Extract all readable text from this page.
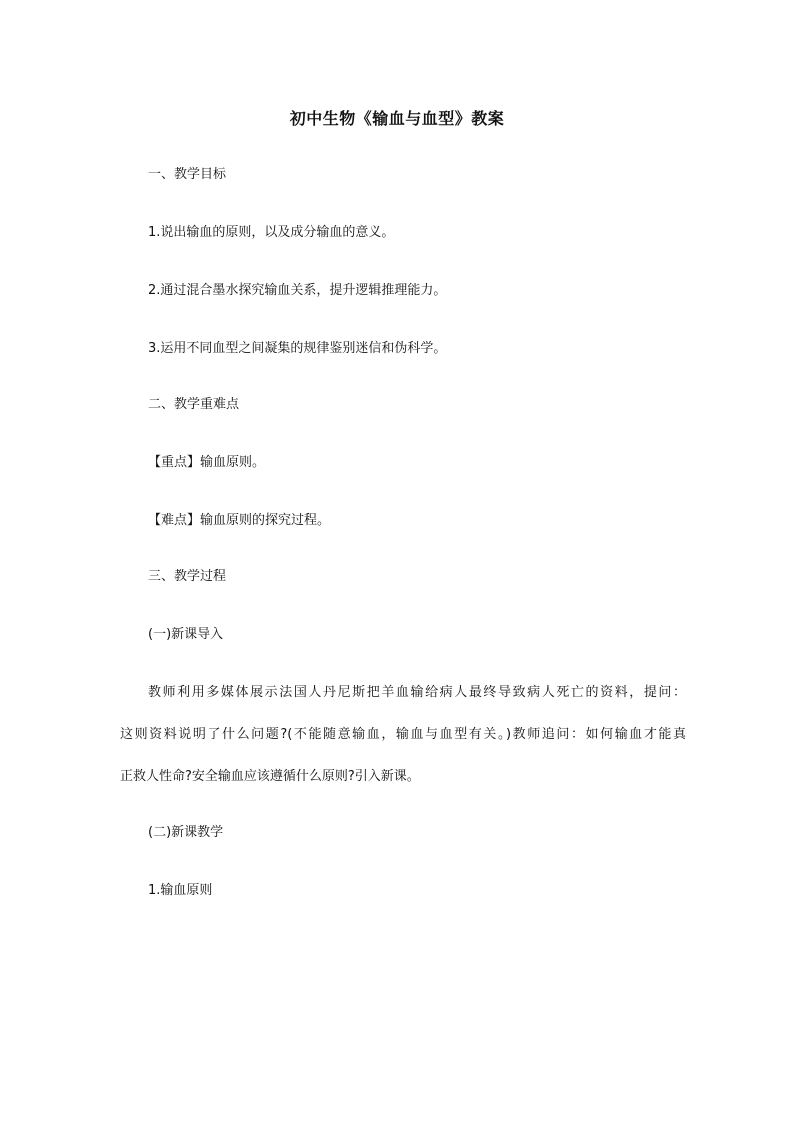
初中生物《输血与血型》教案
一、教学目标
1.说出输血的原则，以及成分输血的意义。
2.通过混合墨水探究输血关系，提升逻辑推理能力。
3.运用不同血型之间凝集的规律鉴别迷信和伪科学。
二、教学重难点
【重点】输血原则。
【难点】输血原则的探究过程。
三、教学过程
(一)新课导入
教师利用多媒体展示法国人丹尼斯把羊血输给病人最终导致病人死亡的资料，提问：
这则资料说明了什么问题?(不能随意输血，输血与血型有关。)教师追问：如何输血才能真
正救人性命?安全输血应该遵循什么原则?引入新课。
(二)新课教学
1.输血原则
